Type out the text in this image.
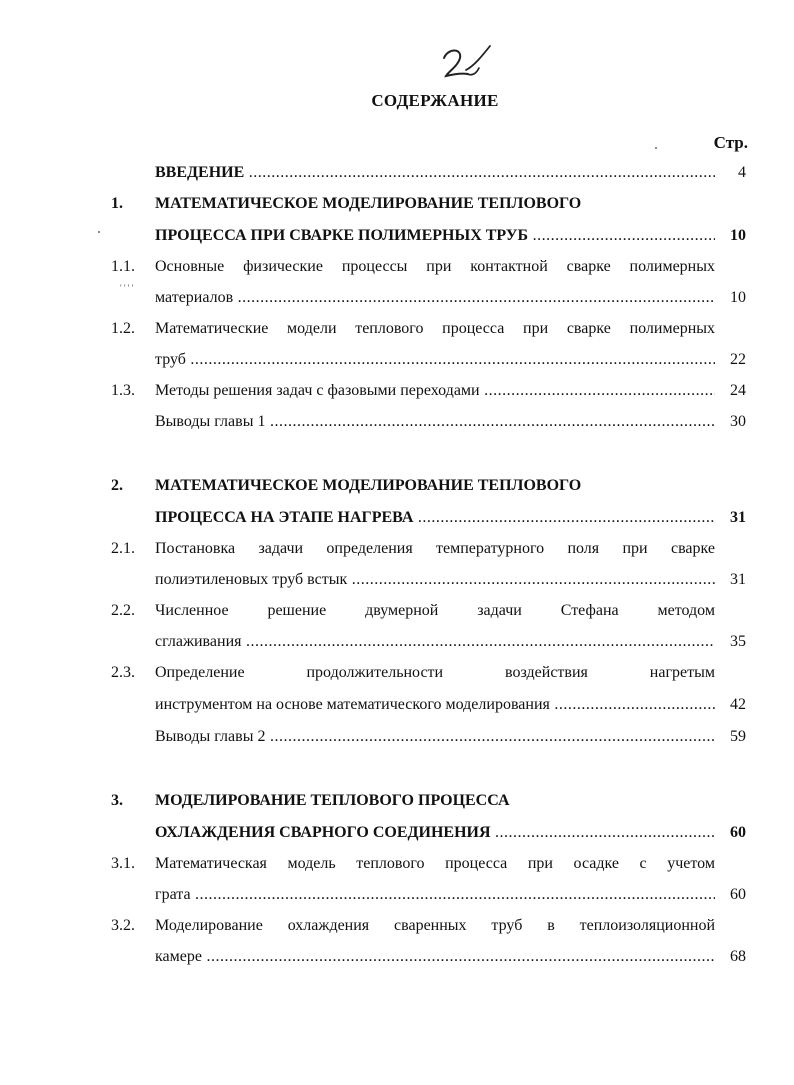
СОДЕРЖАНИЕ
Стр.
' ' ' '
ВВЕДЕНИЕ .....	4
1.	МАТЕМАТИЧЕСКОЕ МОДЕЛИРОВАНИЕ ТЕПЛОВОГО
ПРОЦЕССА ПРИ СВАРКЕ ПОЛИМЕРНЫХ ТРУБ .....	10
1.1.	Основные физические процессы при контактной сварке полимерных
материалов .....	10
1.2.	Математические модели теплового процесса при сварке полимерных
труб .....	22
1.3.	Методы решения задач с фазовыми переходами .....	24
Выводы главы 1 .....	30
2.	МАТЕМАТИЧЕСКОЕ МОДЕЛИРОВАНИЕ ТЕПЛОВОГО
ПРОЦЕССА НА ЭТАПЕ НАГРЕВА .....	31
2.1.	Постановка задачи определения температурного поля при сварке
полиэтиленовых труб встык .....	31
2.2.	Численное решение двумерной задачи Стефана методом
сглаживания .....	35
2.3.	Определение продолжительности воздействия нагретым
инструментом на основе математического моделирования .....	42
Выводы главы 2 .....	59
3.	МОДЕЛИРОВАНИЕ ТЕПЛОВОГО ПРОЦЕССА
ОХЛАЖДЕНИЯ СВАРНОГО СОЕДИНЕНИЯ .....	60
3.1.	Математическая модель теплового процесса при осадке с учетом
грата .....	60
3.2.	Моделирование охлаждения сваренных труб в теплоизоляционной
камере .....	68
